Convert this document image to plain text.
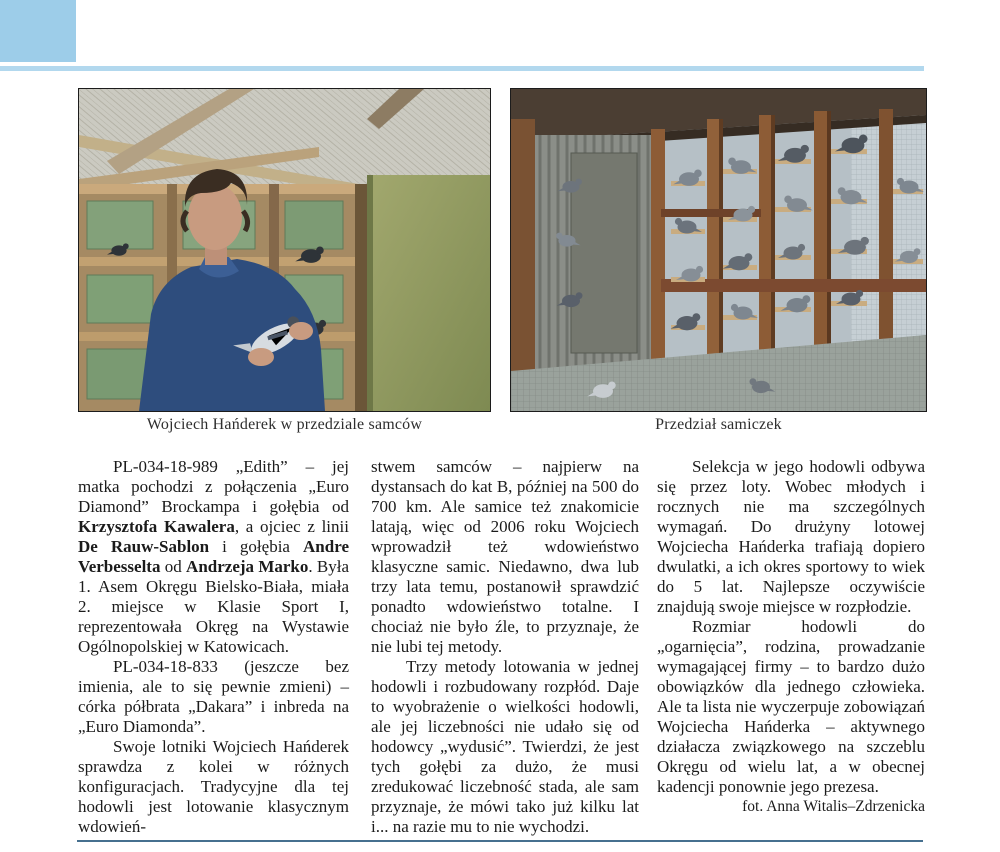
Wojciech Hańderek w przedziale samców	Przedział samiczek

PL-034-18-989 „Edith” – jej matka pochodzi z połączenia „Euro Diamond” Brockampa i gołębia od Krzysztofa Kawalera, a ojciec z linii De Rauw-Sablon i gołębia Andre Verbesselta od Andrzeja Marko. Była 1. Asem Okręgu Bielsko-Biała, miała 2. miejsce w Klasie Sport I, reprezentowała Okręg na Wystawie Ogólnopolskiej w Katowicach.

PL-034-18-833 (jeszcze bez imienia, ale to się pewnie zmieni) – córka półbrata „Dakara” i inbreda na „Euro Diamonda”.

Swoje lotniki Wojciech Hańderek sprawdza z kolei w różnych konfiguracjach. Tradycyjne dla tej hodowli jest lotowanie klasycznym wdowień-

stwem samców – najpierw na dystansach do kat B, później na 500 do 700 km. Ale samice też znakomicie latają, więc od 2006 roku Wojciech wprowadził też wdowieństwo klasyczne samic. Niedawno, dwa lub trzy lata temu, postanowił sprawdzić ponadto wdowieństwo totalne. I chociaż nie było źle, to przyznaje, że nie lubi tej metody.

Trzy metody lotowania w jednej hodowli i rozbudowany rozpłód. Daje to wyobrażenie o wielkości hodowli, ale jej liczebności nie udało się od hodowcy „wydusić”. Twierdzi, że jest tych gołębi za dużo, że musi zredukować liczebność stada, ale sam przyznaje, że mówi tako już kilku lat i... na razie mu to nie wychodzi.

Selekcja w jego hodowli odbywa się przez loty. Wobec młodych i rocznych nie ma szczególnych wymagań. Do drużyny lotowej Wojciecha Hańderka trafiają dopiero dwulatki, a ich okres sportowy to wiek do 5 lat. Najlepsze oczywiście znajdują swoje miejsce w rozpłodzie.

Rozmiar hodowli do „ogarnięcia”, rodzina, prowadzanie wymagającej firmy – to bardzo dużo obowiązków dla jednego człowieka. Ale ta lista nie wyczerpuje zobowiązań Wojciecha Hańderka – aktywnego działacza związkowego na szczeblu Okręgu od wielu lat, a w obecnej kadencji ponownie jego prezesa.

fot. Anna Witalis–Zdrzenicka
